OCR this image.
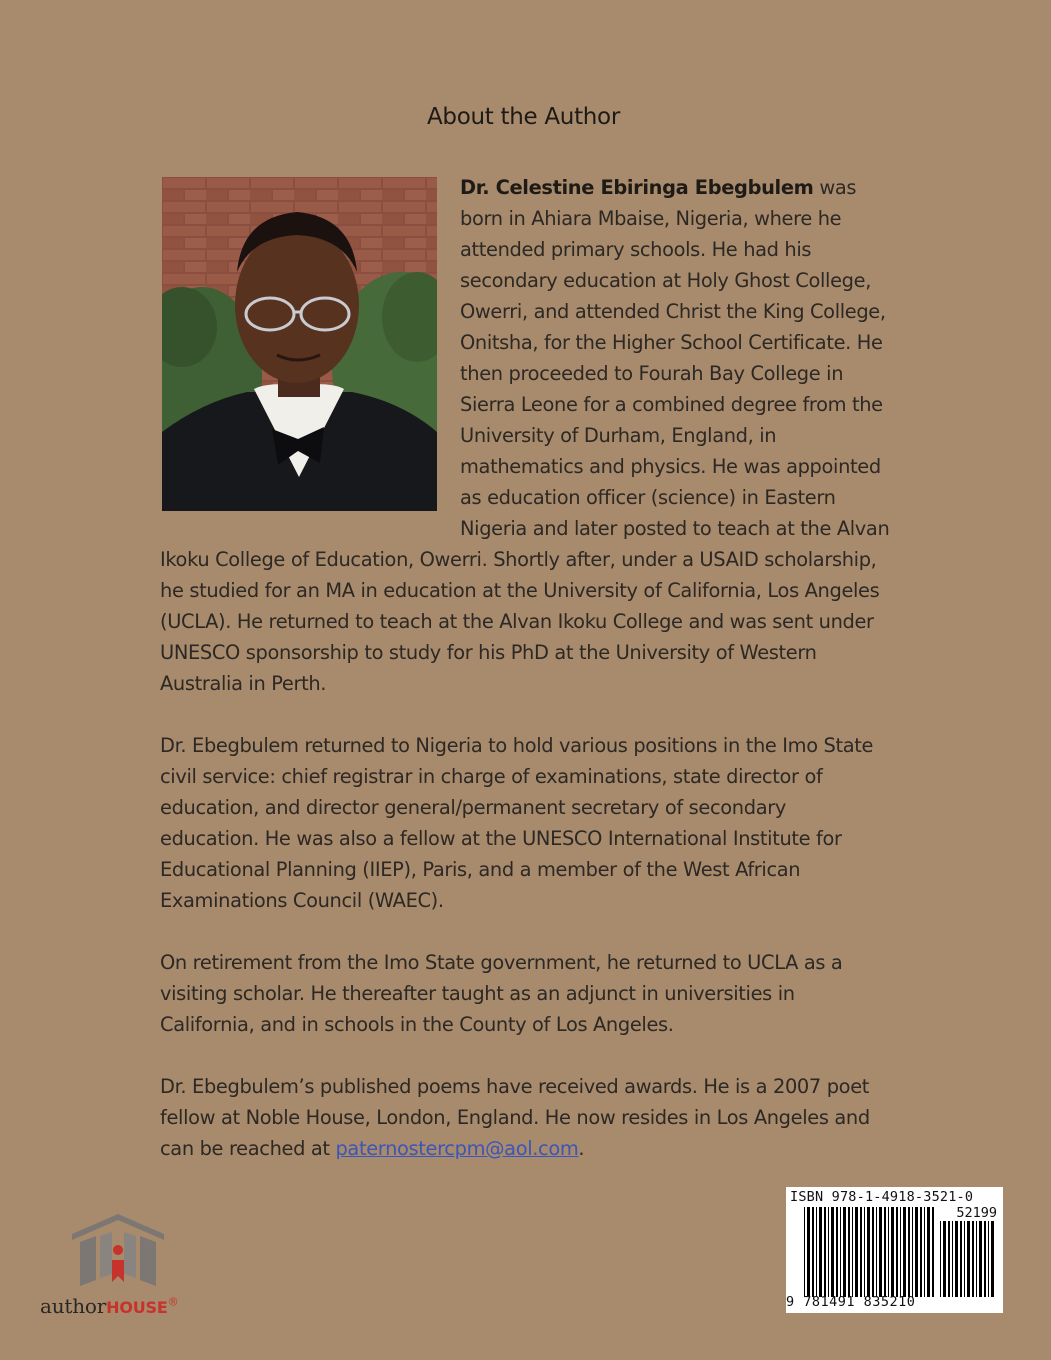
About the Author

Dr. Celestine Ebiringa Ebegbulem was born in Ahiara Mbaise, Nigeria, where he attended primary schools. He had his secondary education at Holy Ghost College, Owerri, and attended Christ the King College, Onitsha, for the Higher School Certificate. He then proceeded to Fourah Bay College in Sierra Leone for a combined degree from the University of Durham, England, in mathematics and physics. He was appointed as education officer (science) in Eastern Nigeria and later posted to teach at the Alvan Ikoku College of Education, Owerri. Shortly after, under a USAID scholarship, he studied for an MA in education at the University of California, Los Angeles (UCLA). He returned to teach at the Alvan Ikoku College and was sent under UNESCO sponsorship to study for his PhD at the University of Western Australia in Perth.

Dr. Ebegbulem returned to Nigeria to hold various positions in the Imo State civil service: chief registrar in charge of examinations, state director of education, and director general/permanent secretary of secondary education. He was also a fellow at the UNESCO International Institute for Educational Planning (IIEP), Paris, and a member of the West African Examinations Council (WAEC).

On retirement from the Imo State government, he returned to UCLA as a visiting scholar. He thereafter taught as an adjunct in universities in California, and in schools in the County of Los Angeles.

Dr. Ebegbulem’s published poems have received awards. He is a 2007 poet fellow at Noble House, London, England. He now resides in Los Angeles and can be reached at paternostercpm@aol.com.

authorHOUSE®
ISBN 978-1-4918-3521-0
52199
9 781491 835210
